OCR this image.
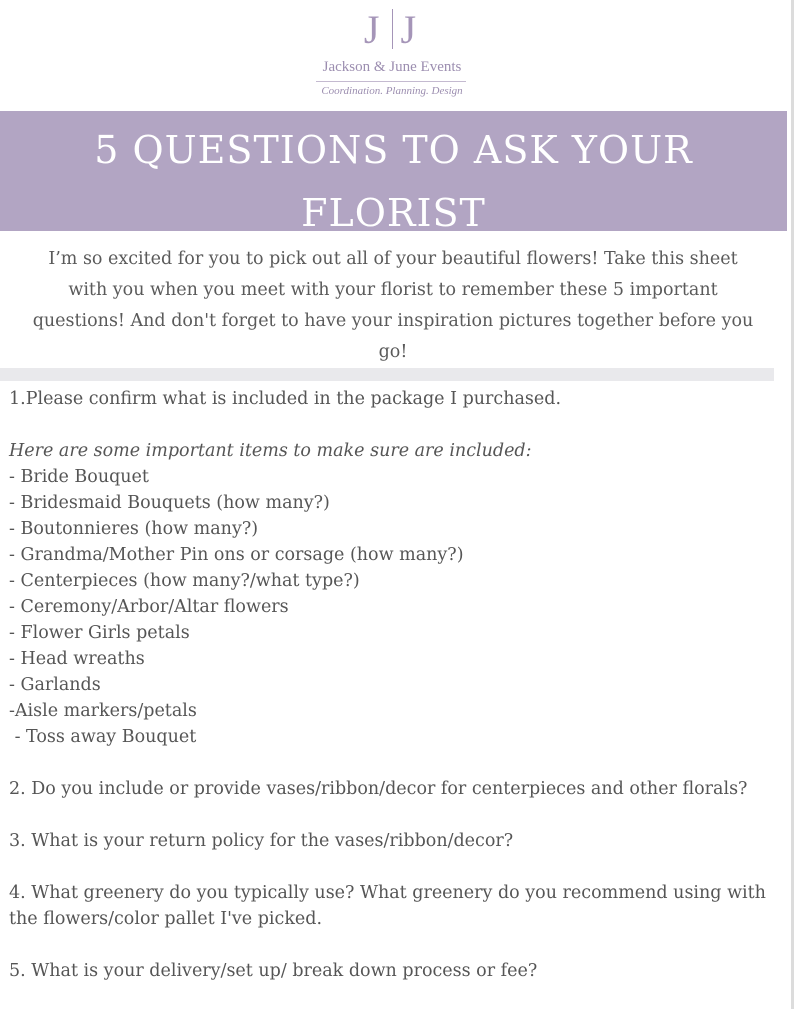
J J
Jackson & June Events
Coordination. Planning. Design
5 QUESTIONS TO ASK YOUR
FLORIST

I’m so excited for you to pick out all of your beautiful flowers! Take this sheet with you when you meet with your florist to remember these 5 important questions! And don't forget to have your inspiration pictures together before you go!

1.Please confirm what is included in the package I purchased.
Here are some important items to make sure are included:
- Bride Bouquet
- Bridesmaid Bouquets (how many?)
- Boutonnieres (how many?)
- Grandma/Mother Pin ons or corsage (how many?)
- Centerpieces (how many?/what type?)
- Ceremony/Arbor/Altar flowers
- Flower Girls petals
- Head wreaths
- Garlands
-Aisle markers/petals
- Toss away Bouquet
2. Do you include or provide vases/ribbon/decor for centerpieces and other florals?
3. What is your return policy for the vases/ribbon/decor?
4. What greenery do you typically use? What greenery do you recommend using with
the flowers/color pallet I've picked.
5. What is your delivery/set up/ break down process or fee?
